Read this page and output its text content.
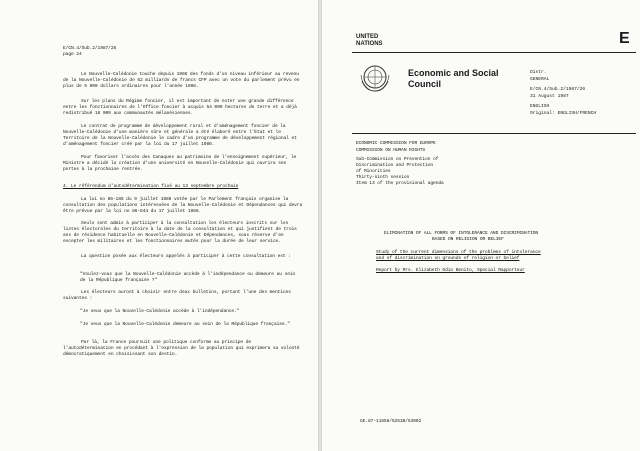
E/CN.4/Sub.2/1987/26
page 24

Le Nouvelle-Calédonie touche depuis 1986 des fonds d'un niveau inférieur au revenu de la Nouvelle-Calédonie de 62 milliards de francs CFP avec un vote du parlement prévu en plus de 5 000 dollars ordinaires pour l'année 1988.

Sur les plans du Régime foncier, il est important de noter une grande différence entre les fonctionnaires de l'Office foncier à acquis 54 000 hectares de terre et a déjà redistribué 18 000 aux communautés mélanésiennes.

Le contrat de programme de développement rural et d'aménagement foncier de la Nouvelle-Calédonie d'une manière sûre et générale a été élaboré entre l'État et le Territoire de la Nouvelle-Calédonie le cadre d'un programme de développement régional et d'aménagement foncier créé par la loi du 17 juillet 1986.

Pour favoriser l'accès des Canaques au patrimoine de l'enseignement supérieur, le Ministre a décidé la création d'une université en Nouvelle-Calédonie qui ouvrira ses portes à la prochaine rentrée.

4. Le référendum d'autodétermination fixé au 13 septembre prochain

La loi no 86-185 du 9 juillet 1986 votée par le Parlement français organise la consultation des populations intéressées de la Nouvelle-Calédonie et Dépendances qui devra être prévue par la loi no 86-844 du 17 juillet 1986.

Seuls sont admis à participer à la consultation les électeurs inscrits sur les listes électorales du territoire à la date de la consultation et qui justifient de trois ans de résidence habituelle en Nouvelle-Calédonie et Dépendances, sous réserve d'en excepter les militaires et les fonctionnaires mutés pour la durée de leur service.

La question posée aux électeurs appelés à participer à cette consultation est :

"Voulez-vous que la Nouvelle-Calédonie accède à l'indépendance ou demeure au sein de la République française ?"

Les électeurs auront à choisir entre deux bulletins, portant l'une des mentions suivantes :

"Je veux que la Nouvelle-Calédonie accède à l'indépendance."

"Je veux que la Nouvelle-Calédonie demeure au sein de la République française."

Par là, la France poursuit une politique conforme au principe de l'autodétermination en procédant à l'expression de la population qui exprimera sa volonté démocratiquement en choisissant son destin.

UNITED
NATIONS	E
Economic and Social
Council
Distr.
GENERAL
E/CN.4/Sub.2/1987/26
31 August 1987
ENGLISH
Original: ENGLISH/FRENCH
ECONOMIC COMMISSION FOR EUROPE
COMMISSION ON HUMAN RIGHTS

Sub-Commission on Prevention of

Discrimination and Protection

of Minorities

Thirty-ninth session

Item 13 of the provisional agenda

ELIMINATION OF ALL FORMS OF INTOLERANCE AND DISCRIMINATION
BASED ON RELIGION OR BELIEF
Study of the current dimensions of the problems of intolerance
and of discrimination on grounds of religion or belief
Report by Mrs. Elizabeth Odio Benito, Special Rapporteur
GE.87-11858/5251B/53002
